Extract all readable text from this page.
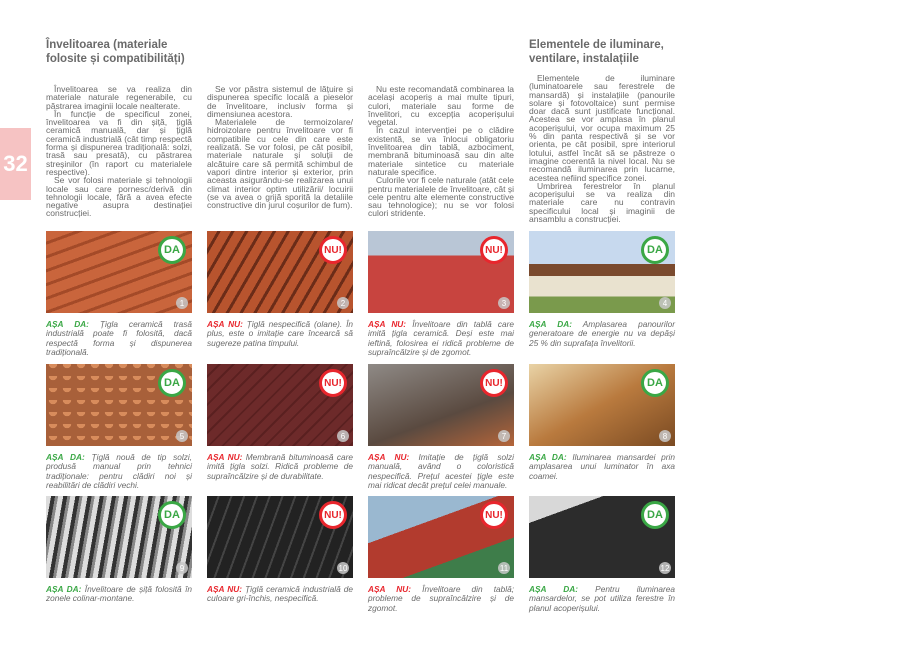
32
Învelitoarea (materiale
folosite și compatibilități)
Elementele de iluminare,
ventilare, instalațiile

Învelitoarea se va realiza din materiale naturale regenerabile, cu păstrarea imaginii locale nealterate.

În funcție de specificul zonei, învelitoarea va fi din șiță, țiglă ceramică manuală, dar și țiglă ceramică industrială (cât timp respectă forma și dispunerea tradițională: solzi, trasă sau presată), cu păstrarea streșinilor (în raport cu materialele respective).

Se vor folosi materiale și tehnologii locale sau care pornesc/derivă din tehnologii locale, fără a avea efecte negative asupra destinației construcției.

Se vor păstra sistemul de lățuire și dispunerea specific locală a pieselor de învelitoare, inclusiv forma și dimensiunea acestora.

Materialele de termoizolare/ hidroizolare pentru învelitoare vor fi compatibile cu cele din care este realizată. Se vor folosi, pe cât posibil, materiale naturale și soluții de alcătuire care să permită schimbul de vapori dintre interior și exterior, prin aceasta asigurându-se realizarea unui climat interior optim utilizării/ locuirii (se va avea o grijă sporită la detaliile constructive din jurul coșurilor de fum).

Nu este recomandată combinarea la același acoperiș a mai multe tipuri, culori, materiale sau forme de învelitori, cu excepția acoperișului vegetal.

În cazul intervenției pe o clădire existentă, se va înlocui obligatoriu învelitoarea din tablă, azbociment, membrană bituminoasă sau din alte materiale sintetice cu materiale naturale specifice.

Culorile vor fi cele naturale (atât cele pentru materialele de învelitoare, cât și cele pentru alte elemente constructive sau tehnologice); nu se vor folosi culori stridente.

Elementele de iluminare (luminatoarele sau ferestrele de mansardă) și instalațiile (panourile solare și fotovoltaice) sunt permise doar dacă sunt justificate funcțional. Acestea se vor amplasa în planul acoperișului, vor ocupa maximum 25 % din panta respectivă și se vor orienta, pe cât posibil, spre interiorul lotului, astfel încât să se păstreze o imagine coerentă la nivel local. Nu se recomandă iluminarea prin lucarne, acestea nefiind specifice zonei.

Umbrirea ferestrelor în planul acoperișului se va realiza din materiale care nu contravin specificului local și imaginii de ansamblu a construcției.

DA
1
AȘA DA: Țigla ceramică trasă industrială poate fi folosită, dacă respectă forma și dispunerea tradițională.
NU!
2
AȘA NU: Țiglă nespecifică (olane). În plus, este o imitație care încearcă să sugereze patina timpului.
NU!
3
AȘA NU: Învelitoare din tablă care imită țigla ceramică. Deși este mai ieftină, folosirea ei ridică probleme de supraîncălzire și de zgomot.
DA
4
AȘA DA: Amplasarea panourilor generatoare de energie nu va depăși 25 % din suprafața învelitorii.
DA
5
AȘA DA: Țiglă nouă de tip solzi, produsă manual prin tehnici tradiționale: pentru clădiri noi și reabilitări de clădiri vechi.
NU!
6
AȘA NU: Membrană bituminoasă care imită țigla solzi. Ridică probleme de supraîncălzire și de durabilitate.
NU!
7
AȘA NU: Imitație de țiglă solzi manuală, având o coloristică nespecifică. Prețul acestei țigle este mai ridicat decât prețul celei manuale.
DA
8
AȘA DA: Iluminarea mansardei prin amplasarea unui luminator în axa coamei.
DA
9
AȘA DA: Învelitoare de șiță folosită în zonele colinar-montane.
NU!
10
AȘA NU: Țiglă ceramică industrială de culoare gri-închis, nespecifică.
NU!
11
AȘA NU: Învelitoare din tablă; probleme de supraîncălzire și de zgomot.
DA
12
AȘA DA: Pentru iluminarea mansardelor, se pot utiliza ferestre în planul acoperișului.
